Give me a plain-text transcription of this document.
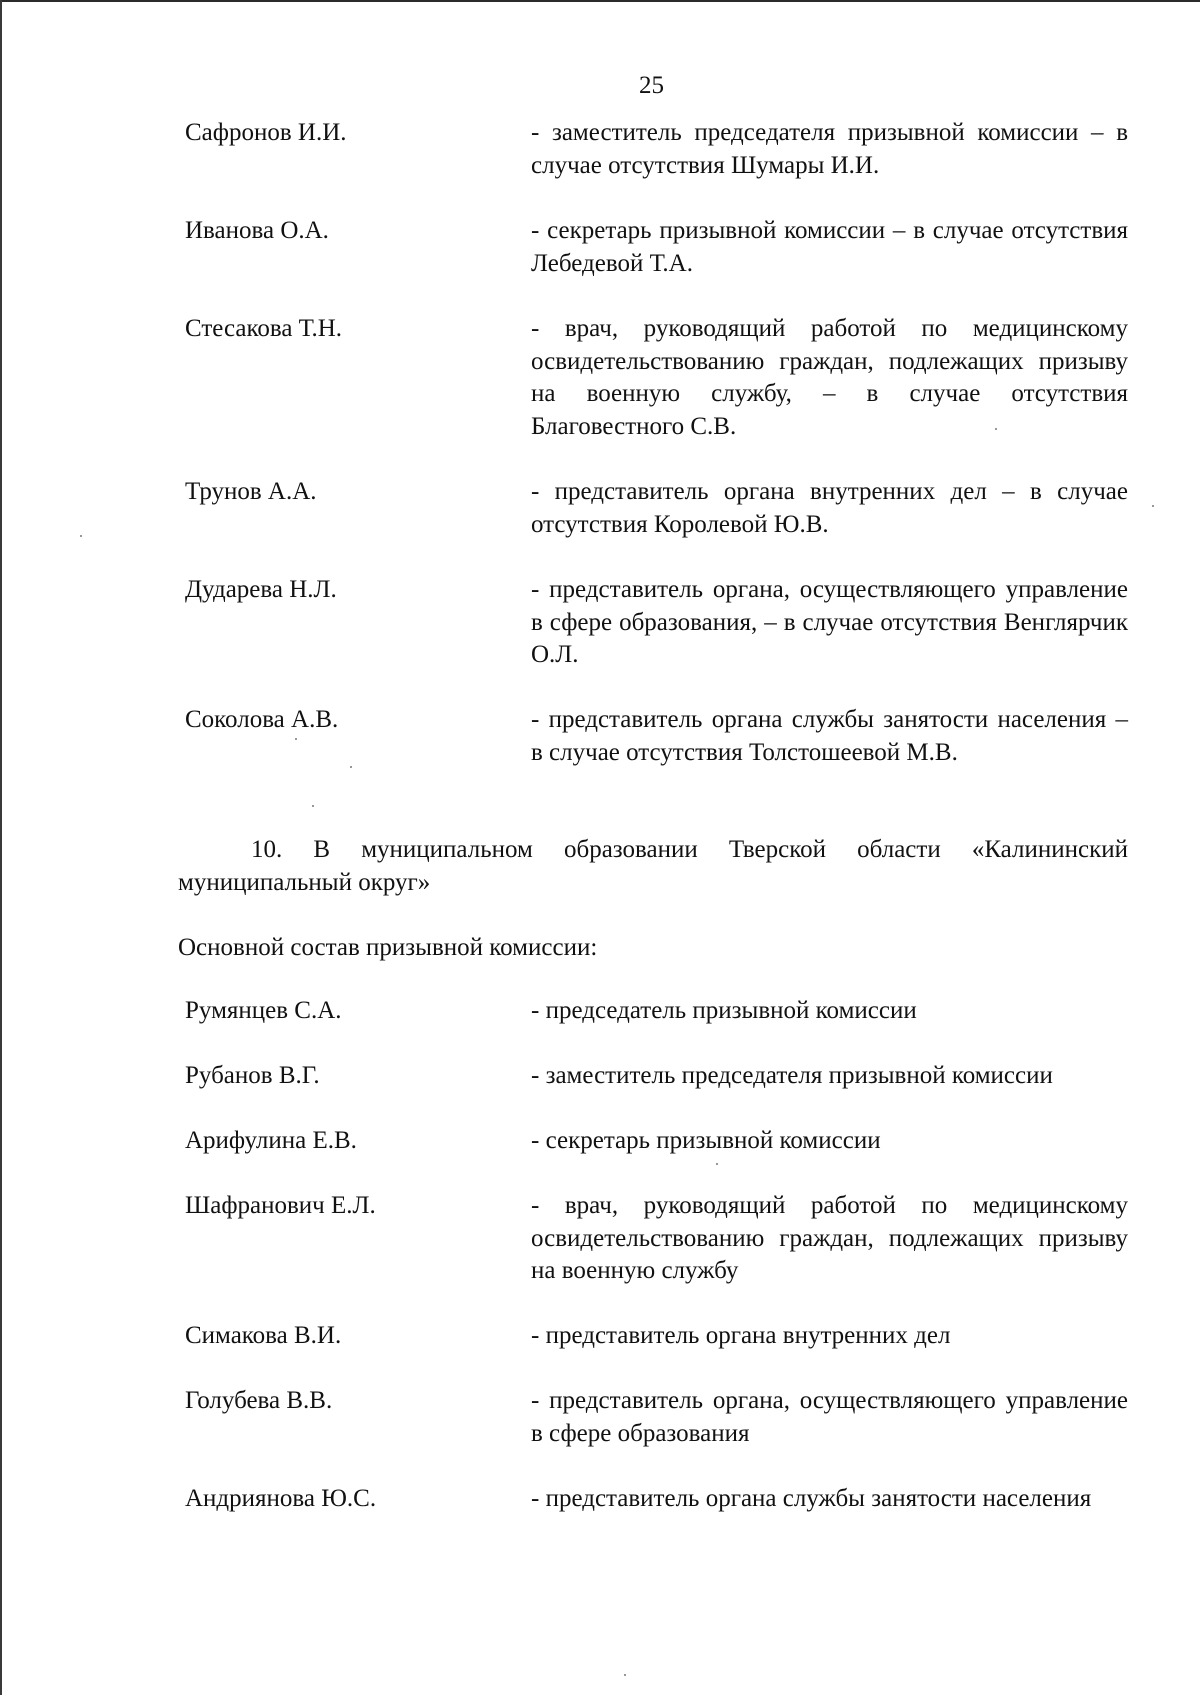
25
Сафронов И.И.	- заместитель председателя призывной комиссии – в случае отсутствия Шумары И.И.
Иванова О.А.	- секретарь призывной комиссии – в случае отсутствия Лебедевой Т.А.
Стесакова Т.Н.	- врач, руководящий работой по медицинскому освидетельствованию граждан, подлежащих призыву на военную службу, – в случае отсутствия Благовестного С.В.
Трунов А.А.	- представитель органа внутренних дел – в случае отсутствия Королевой Ю.В.
Дударева Н.Л.	- представитель органа, осуществляющего управление в сфере образования, – в случае отсутствия Венглярчик О.Л.
Соколова А.В.	- представитель органа службы занятости населения – в случае отсутствия Толстошеевой М.В.
10. В муниципальном образовании Тверской области «Калининский муниципальный округ»
Основной состав призывной комиссии:
Румянцев С.А.	- председатель призывной комиссии
Рубанов В.Г.	- заместитель председателя призывной комиссии
Арифулина Е.В.	- секретарь призывной комиссии
Шафранович Е.Л.	- врач, руководящий работой по медицинскому освидетельствованию граждан, подлежащих призыву на военную службу
Симакова В.И.	- представитель органа внутренних дел
Голубева В.В.	- представитель органа, осуществляющего управление в сфере образования
Андриянова Ю.С.	- представитель органа службы занятости населения
